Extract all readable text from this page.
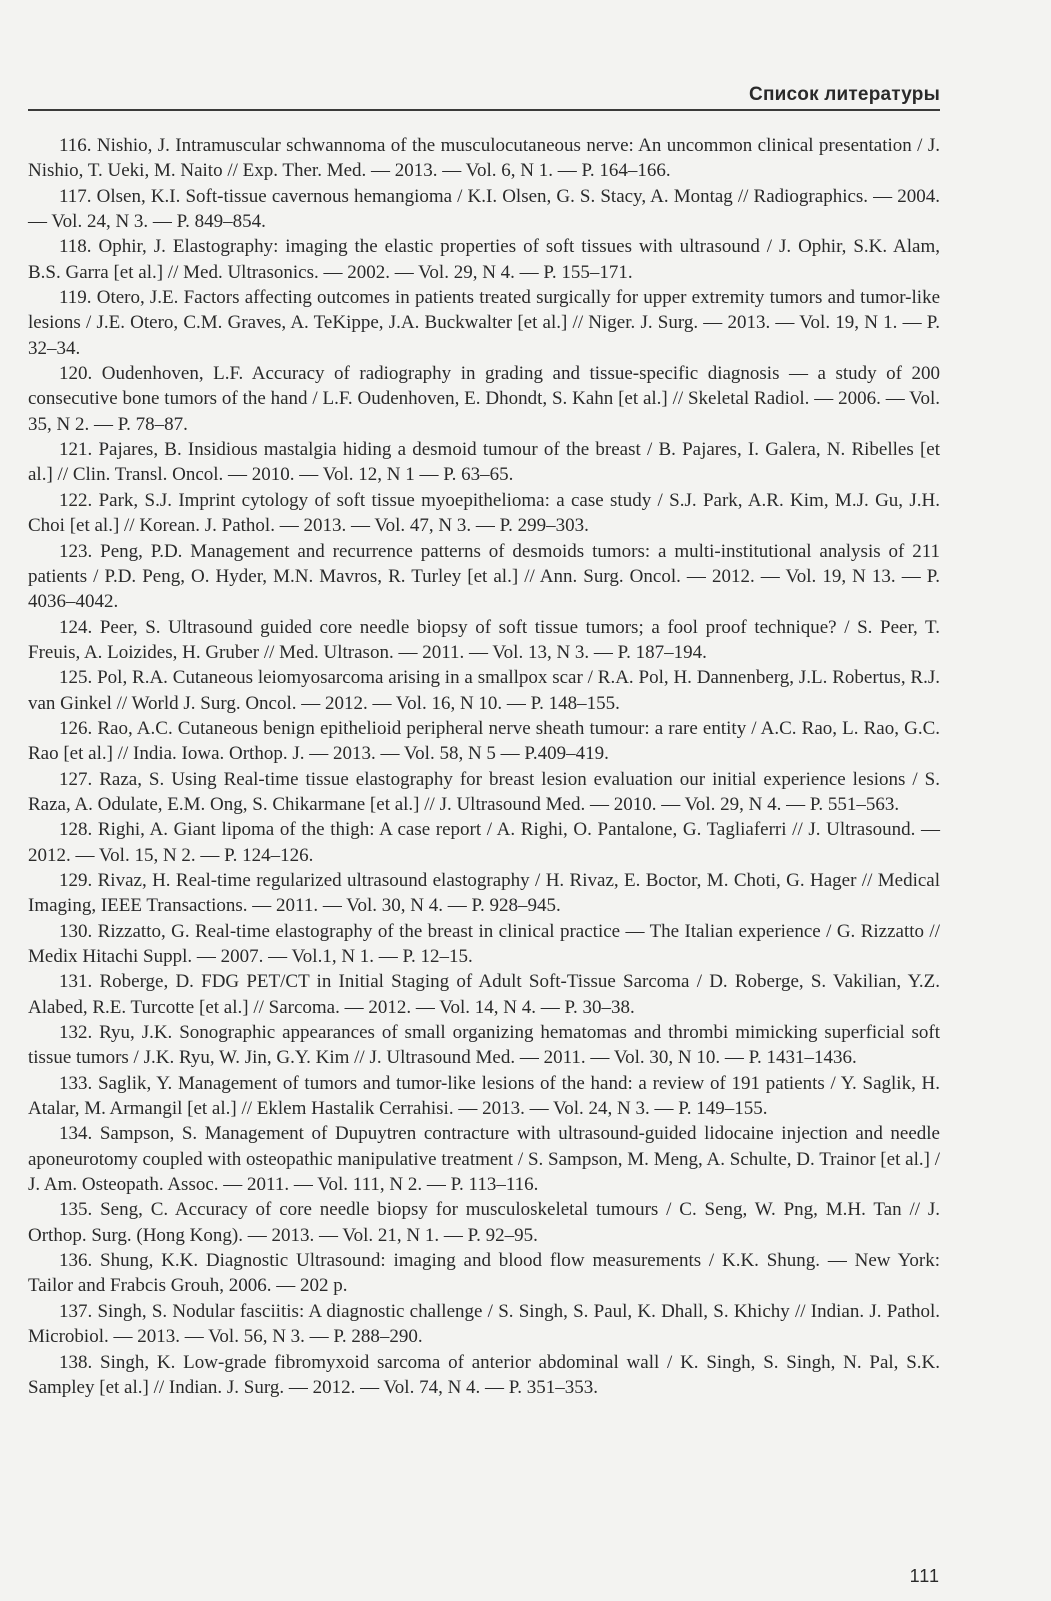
Список литературы

116. Nishio, J. Intramuscular schwannoma of the musculocutaneous nerve: An uncommon clinical presentation / J. Nishio, T. Ueki, M. Naito // Exp. Ther. Med. — 2013. — Vol. 6, N 1. — P. 164–166.

117. Olsen, K.I. Soft-tissue cavernous hemangioma / K.I. Olsen, G. S. Stacy, A. Montag // Radiographics. — 2004. — Vol. 24, N 3. — P. 849–854.

118. Ophir, J. Elastography: imaging the elastic properties of soft tissues with ultrasound / J. Ophir, S.K. Alam, B.S. Garra [et al.] // Med. Ultrasonics. — 2002. — Vol. 29, N 4. — P. 155–171.

119. Otero, J.E. Factors affecting outcomes in patients treated surgically for upper extremity tumors and tumor-like lesions / J.E. Otero, C.M. Graves, A. TeKippe, J.A. Buckwalter [et al.] // Niger. J. Surg. — 2013. — Vol. 19, N 1. — P. 32–34.

120. Oudenhoven, L.F. Accuracy of radiography in grading and tissue-specific diagnosis — a study of 200 consecutive bone tumors of the hand / L.F. Oudenhoven, E. Dhondt, S. Kahn [et al.] // Skeletal Radiol. — 2006. — Vol. 35, N 2. — P. 78–87.

121. Pajares, B. Insidious mastalgia hiding a desmoid tumour of the breast / B. Pajares, I. Galera, N. Ribelles [et al.] // Clin. Transl. Oncol. — 2010. — Vol. 12, N 1 — P. 63–65.

122. Park, S.J. Imprint cytology of soft tissue myoepithelioma: a case study / S.J. Park, A.R. Kim, M.J. Gu, J.H. Choi [et al.] // Korean. J. Pathol. — 2013. — Vol. 47, N 3. — P. 299–303.

123. Peng, P.D. Management and recurrence patterns of desmoids tumors: a multi-institutional analysis of 211 patients / P.D. Peng, O. Hyder, M.N. Mavros, R. Turley [et al.] // Ann. Surg. Oncol. — 2012. — Vol. 19, N 13. — P. 4036–4042.

124. Peer, S. Ultrasound guided core needle biopsy of soft tissue tumors; a fool proof technique? / S. Peer, T. Freuis, A. Loizides, H. Gruber // Med. Ultrason. — 2011. — Vol. 13, N 3. — P. 187–194.

125. Pol, R.A. Cutaneous leiomyosarcoma arising in a smallpox scar / R.A. Pol, H. Dannenberg, J.L. Robertus, R.J. van Ginkel // World J. Surg. Oncol. — 2012. — Vol. 16, N 10. — P. 148–155.

126. Rao, A.C. Cutaneous benign epithelioid peripheral nerve sheath tumour: a rare entity / A.C. Rao, L. Rao, G.C. Rao [et al.] // India. Iowa. Orthop. J. — 2013. — Vol. 58, N 5 — P.409–419.

127. Raza, S. Using Real-time tissue elastography for breast lesion evaluation our initial experience lesions / S. Raza, A. Odulate, E.M. Ong, S. Chikarmane [et al.] // J. Ultrasound Med. — 2010. — Vol. 29, N 4. — P. 551–563.

128. Righi, A. Giant lipoma of the thigh: A case report / A. Righi, O. Pantalone, G. Tagliaferri // J. Ultrasound. — 2012. — Vol. 15, N 2. — P. 124–126.

129. Rivaz, H. Real-time regularized ultrasound elastography / H. Rivaz, E. Boctor, M. Choti, G. Hager // Medical Imaging, IEEE Transactions. — 2011. — Vol. 30, N 4. — P. 928–945.

130. Rizzatto, G. Real-time elastography of the breast in clinical practice — The Italian experience / G. Rizzatto // Medix Hitachi Suppl. — 2007. — Vol.1, N 1. — P. 12–15.

131. Roberge, D. FDG PET/CT in Initial Staging of Adult Soft-Tissue Sarcoma / D. Roberge, S. Vakilian, Y.Z. Alabed, R.E. Turcotte [et al.] // Sarcoma. — 2012. — Vol. 14, N 4. — P. 30–38.

132. Ryu, J.K. Sonographic appearances of small organizing hematomas and thrombi mimicking superficial soft tissue tumors / J.K. Ryu, W. Jin, G.Y. Kim // J. Ultrasound Med. — 2011. — Vol. 30, N 10. — P. 1431–1436.

133. Saglik, Y. Management of tumors and tumor-like lesions of the hand: a review of 191 patients / Y. Saglik, H. Atalar, M. Armangil [et al.] // Eklem Hastalik Cerrahisi. — 2013. — Vol. 24, N 3. — P. 149–155.

134. Sampson, S. Management of Dupuytren contracture with ultrasound-guided lidocaine injection and needle aponeurotomy coupled with osteopathic manipulative treatment / S. Sampson, M. Meng, A. Schulte, D. Trainor [et al.] / J. Am. Osteopath. Assoc. — 2011. — Vol. 111, N 2. — P. 113–116.

135. Seng, C. Accuracy of core needle biopsy for musculoskeletal tumours / C. Seng, W. Png, M.H. Tan // J. Orthop. Surg. (Hong Kong). — 2013. — Vol. 21, N 1. — P. 92–95.

136. Shung, K.K. Diagnostic Ultrasound: imaging and blood flow measurements / K.K. Shung. — New York: Tailor and Frabcis Grouh, 2006. — 202 p.

137. Singh, S. Nodular fasciitis: A diagnostic challenge / S. Singh, S. Paul, K. Dhall, S. Khichy // Indian. J. Pathol. Microbiol. — 2013. — Vol. 56, N 3. — P. 288–290.

138. Singh, K. Low-grade fibromyxoid sarcoma of anterior abdominal wall / K. Singh, S. Singh, N. Pal, S.K. Sampley [et al.] // Indian. J. Surg. — 2012. — Vol. 74, N 4. — P. 351–353.

111
